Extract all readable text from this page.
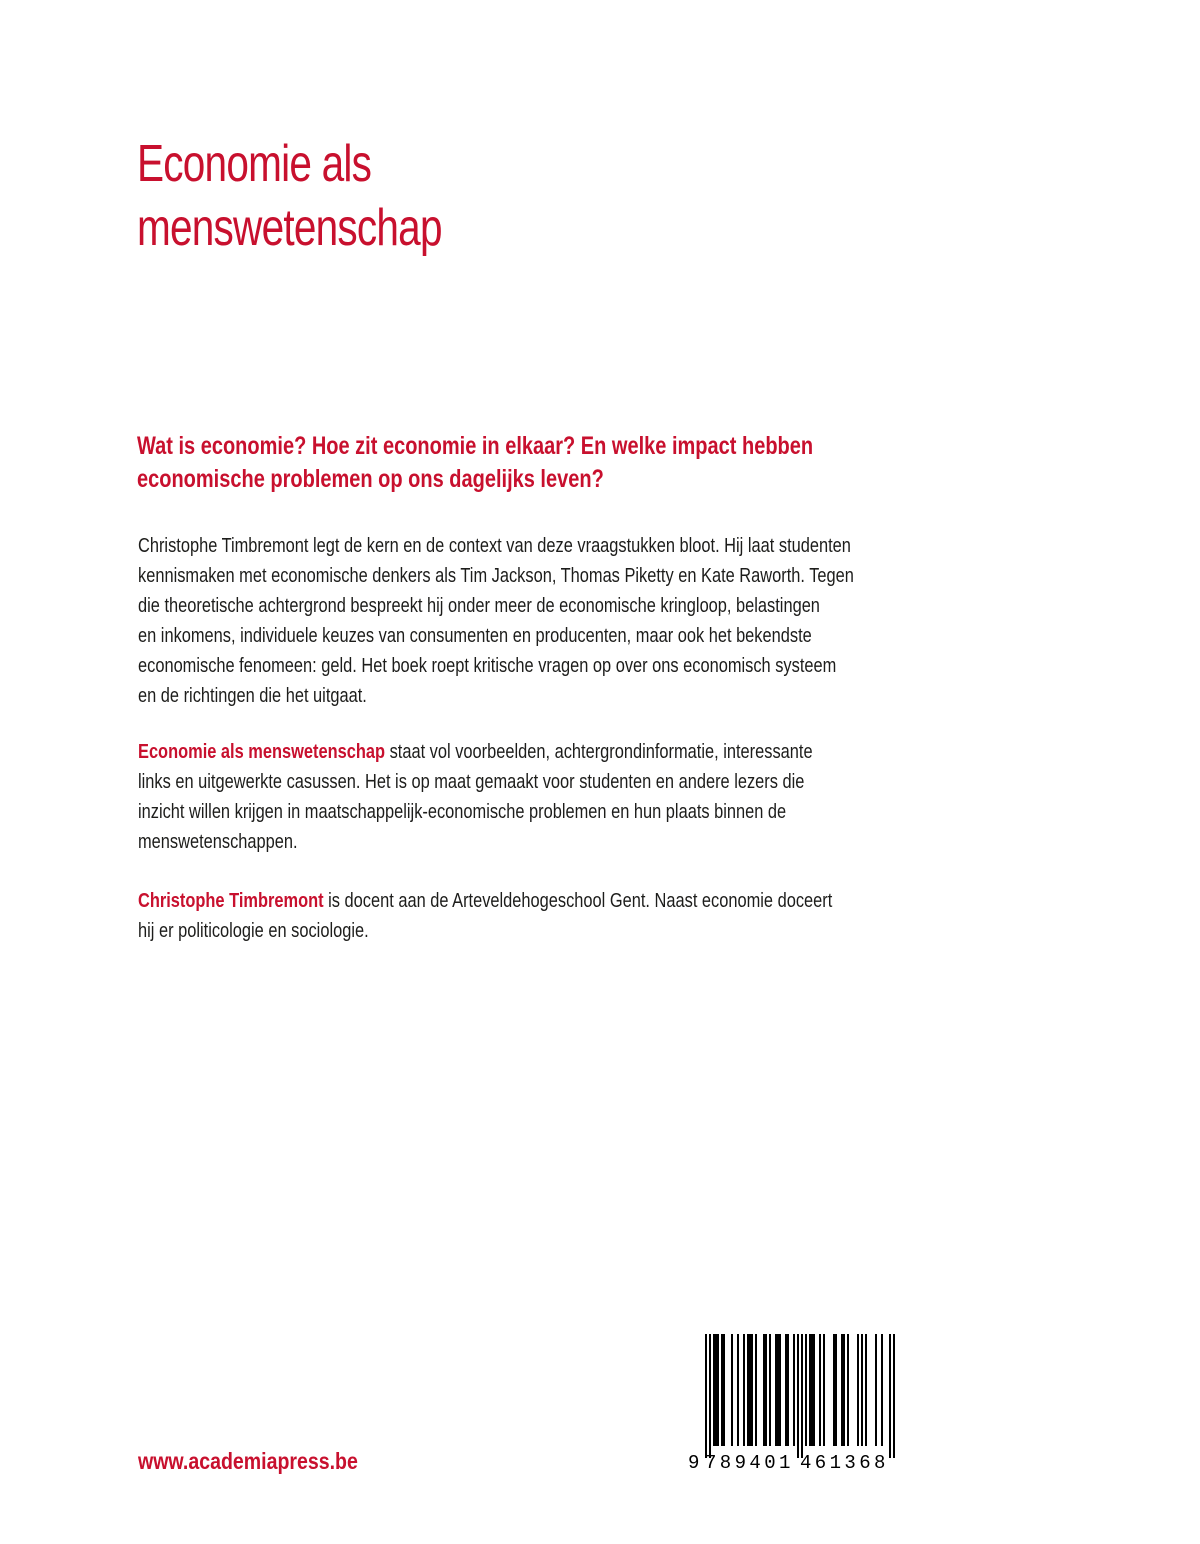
Economie als
menswetenschap

Wat is economie? Hoe zit economie in elkaar? En welke impact hebben
economische problemen op ons dagelijks leven?

Christophe Timbremont legt de kern en de context van deze vraagstukken bloot. Hij laat studenten
kennismaken met economische denkers als Tim Jackson, Thomas Piketty en Kate Raworth. Tegen
die theoretische achtergrond bespreekt hij onder meer de economische kringloop, belastingen
en inkomens, individuele keuzes van consumenten en producenten, maar ook het bekendste
economische fenomeen: geld. Het boek roept kritische vragen op over ons economisch systeem
en de richtingen die het uitgaat.
Economie als menswetenschap staat vol voorbeelden, achtergrondinformatie, interessante
links en uitgewerkte casussen. Het is op maat gemaakt voor studenten en andere lezers die
inzicht willen krijgen in maatschappelijk-economische problemen en hun plaats binnen de
menswetenschappen.
Christophe Timbremont is docent aan de Arteveldehogeschool Gent. Naast economie doceert
hij er politicologie en sociologie.

www.academiapress.be	9 789401 461368
